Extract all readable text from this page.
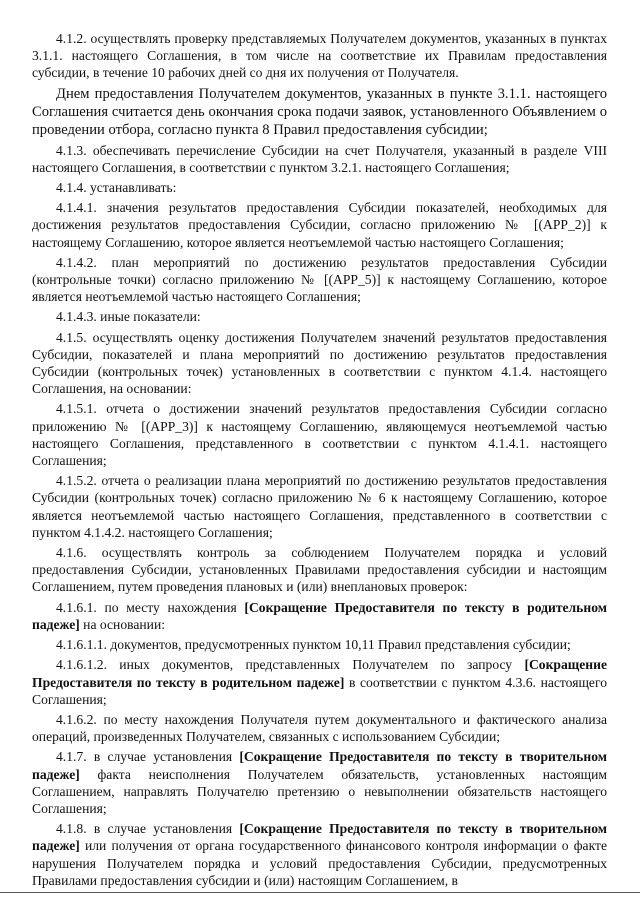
4.1.2. осуществлять проверку представляемых Получателем документов, указанных в пунктах 3.1.1. настоящего Соглашения, в том числе на соответствие их Правилам предоставления субсидии, в течение 10 рабочих дней со дня их получения от Получателя.

Днем предоставления Получателем документов, указанных в пункте 3.1.1. настоящего Соглашения считается день окончания срока подачи заявок, установленного Объявлением о проведении отбора, согласно пункта 8 Правил предоставления субсидии;

4.1.3. обеспечивать перечисление Субсидии на счет Получателя, указанный в разделе VIII настоящего Соглашения, в соответствии с пунктом 3.2.1. настоящего Соглашения;

4.1.4. устанавливать:

4.1.4.1. значения результатов предоставления Субсидии показателей, необходимых для достижения результатов предоставления Субсидии, согласно приложению № [(APP_2)] к настоящему Соглашению, которое является неотъемлемой частью настоящего Соглашения;

4.1.4.2. план мероприятий по достижению результатов предоставления Субсидии (контрольные точки) согласно приложению № [(APP_5)] к настоящему Соглашению, которое является неотъемлемой частью настоящего Соглашения;

4.1.4.3. иные показатели:

4.1.5. осуществлять оценку достижения Получателем значений результатов предоставления Субсидии, показателей и плана мероприятий по достижению результатов предоставления Субсидии (контрольных точек) установленных в соответствии с пунктом 4.1.4. настоящего Соглашения, на основании:

4.1.5.1. отчета о достижении значений результатов предоставления Субсидии согласно приложению № [(APP_3)] к настоящему Соглашению, являющемуся неотъемлемой частью настоящего Соглашения, представленного в соответствии с пунктом 4.1.4.1. настоящего Соглашения;

4.1.5.2. отчета о реализации плана мероприятий по достижению результатов предоставления Субсидии (контрольных точек) согласно приложению № 6 к настоящему Соглашению, которое является неотъемлемой частью настоящего Соглашения, представленного в соответствии с пунктом 4.1.4.2. настоящего Соглашения;

4.1.6. осуществлять контроль за соблюдением Получателем порядка и условий предоставления Субсидии, установленных Правилами предоставления субсидии и настоящим Соглашением, путем проведения плановых и (или) внеплановых проверок:

4.1.6.1. по месту нахождения [Сокращение Предоставителя по тексту в родительном падеже] на основании:

4.1.6.1.1. документов, предусмотренных пунктом 10,11 Правил представления субсидии;

4.1.6.1.2. иных документов, представленных Получателем по запросу [Сокращение Предоставителя по тексту в родительном падеже] в соответствии с пунктом 4.3.6. настоящего Соглашения;

4.1.6.2. по месту нахождения Получателя путем документального и фактического анализа операций, произведенных Получателем, связанных с использованием Субсидии;

4.1.7. в случае установления [Сокращение Предоставителя по тексту в творительном падеже] факта неисполнения Получателем обязательств, установленных настоящим Соглашением, направлять Получателю претензию о невыполнении обязательств настоящего Соглашения;

4.1.8. в случае установления [Сокращение Предоставителя по тексту в творительном падеже] или получения от органа государственного финансового контроля информации о факте нарушения Получателем порядка и условий предоставления Субсидии, предусмотренных Правилами предоставления субсидии и (или) настоящим Соглашением, в
